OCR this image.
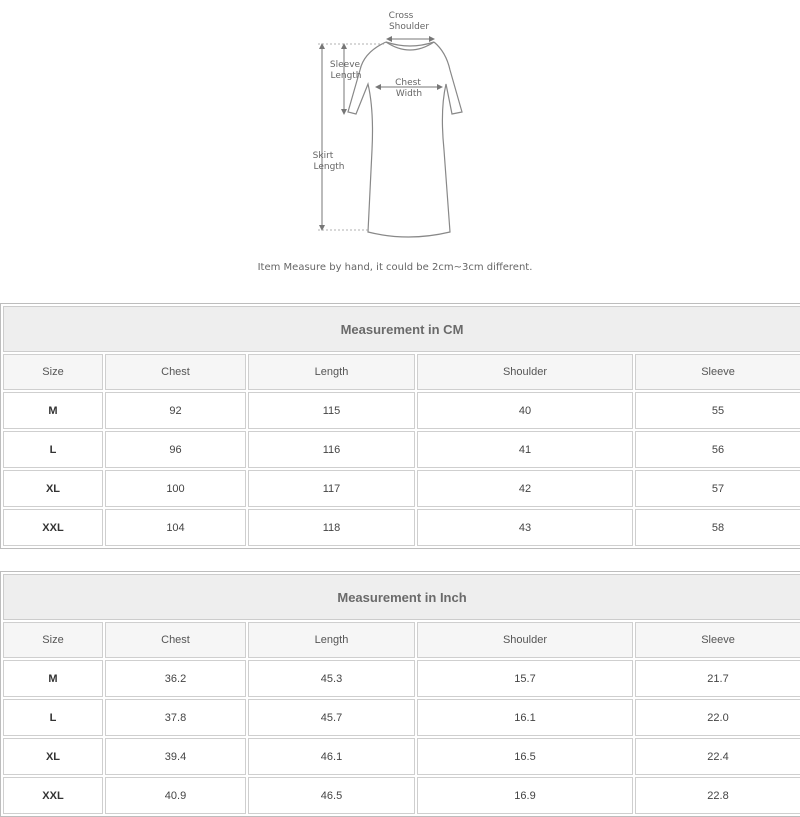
Cross
Shoulder
Sleeve
Length
Chest
Width
Skirt
Length
Item Measure by hand, it could be 2cm~3cm different.
Measurement in CM				
Size	Chest	Length	Shoulder	Sleeve
M	92	115	40	55
L	96	116	41	56
XL	100	117	42	57
XXL	104	118	43	58
Measurement in Inch				
Size	Chest	Length	Shoulder	Sleeve
M	36.2	45.3	15.7	21.7
L	37.8	45.7	16.1	22.0
XL	39.4	46.1	16.5	22.4
XXL	40.9	46.5	16.9	22.8
